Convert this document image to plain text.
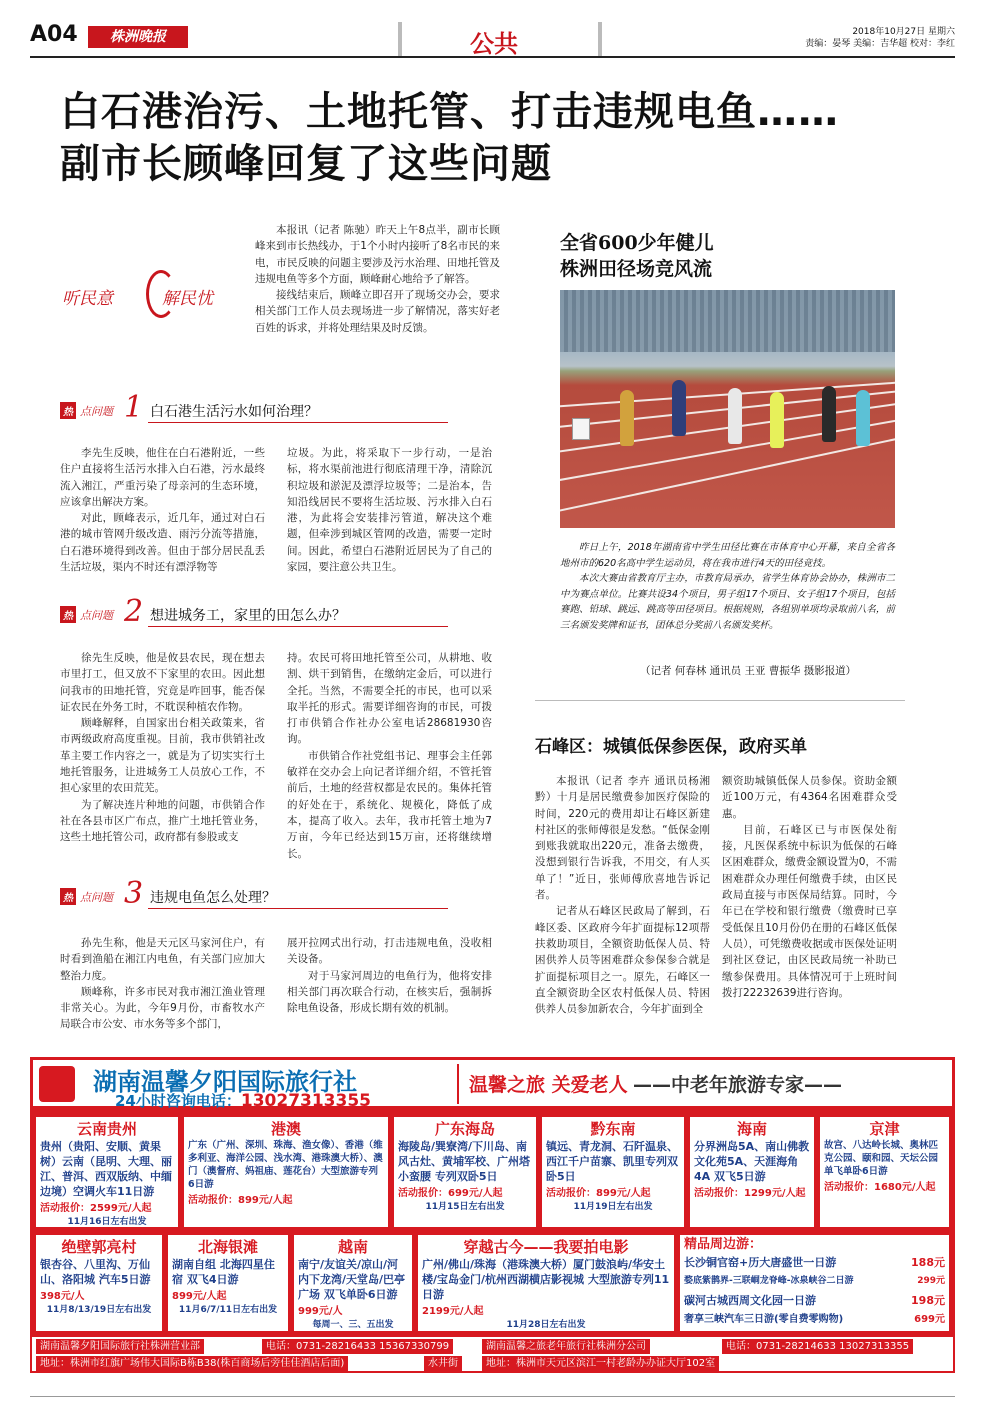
A04	株洲晚报	公共	2018年10月27日 星期六
责编：晏琴 美编：吉华超 校对：李红
白石港治污、土地托管、打击违规电鱼……
副市长顾峰回复了这些问题
听民意	解民忧

本报讯（记者 陈驰）昨天上午8点半，副市长顾峰来到市长热线办，于1个小时内接听了8名市民的来电，市民反映的问题主要涉及污水治理、田地托管及违规电鱼等多个方面，顾峰耐心地给予了解答。

接线结束后，顾峰立即召开了现场交办会，要求相关部门工作人员去现场进一步了解情况，落实好老百姓的诉求，并将处理结果及时反馈。

热 点问题 1 白石港生活污水如何治理？

李先生反映，他住在白石港附近，一些住户直接将生活污水排入白石港，污水最终流入湘江，严重污染了母亲河的生态环境，应该拿出解决方案。

对此，顾峰表示，近几年，通过对白石港的城市管网升级改造、雨污分流等措施，白石港环境得到改善。但由于部分居民乱丢生活垃圾，渠内不时还有漂浮物等

垃圾。为此，将采取下一步行动，一是治标，将水渠前池进行彻底清理干净，清除沉积垃圾和淤泥及漂浮垃圾等；二是治本，告知沿线居民不要将生活垃圾、污水排入白石港，为此将会安装排污管道，解决这个难题，但牵涉到城区管网的改造，需要一定时间。因此，希望白石港附近居民为了自己的家园，要注意公共卫生。

热 点问题 2 想进城务工，家里的田怎么办？

徐先生反映，他是攸县农民，现在想去市里打工，但又放不下家里的农田。因此想问我市的田地托管，究竟是咋回事，能否保证农民在外务工时，不耽误种植农作物。

顾峰解释，自国家出台相关政策来，省市两级政府高度重视。目前，我市供销社改革主要工作内容之一，就是为了切实实行土地托管服务，让进城务工人员放心工作，不担心家里的农田荒芜。

为了解决连片种地的问题，市供销合作社在各县市区广布点，推广土地托管业务，这些土地托管公司，政府都有参股或支

持。农民可将田地托管至公司，从耕地、收割、烘干到销售，在缴纳定金后，可以进行全托。当然，不需要全托的市民，也可以采取半托的形式。需要详细咨询的市民，可拨打市供销合作社办公室电话28681930咨询。

市供销合作社党组书记、理事会主任郭敏祥在交办会上向记者详细介绍，不管托管前后，土地的经营权都是农民的。集体托管的好处在于，系统化、规模化，降低了成本，提高了收入。去年，我市托管土地为7万亩，今年已经达到15万亩，还将继续增长。

热 点问题 3 违规电鱼怎么处理？

孙先生称，他是天元区马家河住户，有时看到渔船在湘江内电鱼，有关部门应加大整治力度。

顾峰称，许多市民对我市湘江渔业管理非常关心。为此，今年9月份，市畜牧水产局联合市公安、市水务等多个部门，

展开拉网式出行动，打击违规电鱼，没收相关设备。

对于马家河周边的电鱼行为，他将安排相关部门再次联合行动，在核实后，强制拆除电鱼设备，形成长期有效的机制。

全省600少年健儿
株洲田径场竞风流

昨日上午，2018年湖南省中学生田径比赛在市体育中心开幕，来自全省各地州市的620名高中学生运动员，将在我市进行4天的田径竞技。

本次大赛由省教育厅主办，市教育局承办，省学生体育协会协办，株洲市二中为赛点单位。比赛共设34个项目，男子组17个项目、女子组17个项目，包括赛跑、铅球、跳远、跳高等田径项目。根据规则，各组别单项均录取前八名，前三名颁发奖牌和证书，团体总分奖前八名颁发奖杯。

（记者 何春林 通讯员 王亚 曹振华 摄影报道）
石峰区：城镇低保参医保，政府买单

本报讯（记者 李卉 通讯员杨湘黔）十月是居民缴费参加医疗保险的时间，220元的费用却让石峰区新建村社区的张师傅很是发愁。“低保金刚到账我就取出220元，准备去缴费，没想到银行告诉我，不用交，有人买单了！”近日，张师傅欣喜地告诉记者。

记者从石峰区民政局了解到，石峰区委、区政府今年扩面提标12项帮扶救助项目，全额资助低保人员、特困供养人员等困难群众参保参合就是扩面提标项目之一。原先，石峰区一直全额资助全区农村低保人员、特困供养人员参加新农合，今年扩面到全

额资助城镇低保人员参保。资助金额近100万元，有4364名困难群众受惠。

目前，石峰区已与市医保处衔接，凡医保系统中标识为低保的石峰区困难群众，缴费金额设置为0，不需困难群众办理任何缴费手续，由区民政局直接与市医保局结算。同时，今年已在学校和银行缴费（缴费时已享受低保且10月份仍在册的石峰区低保人员），可凭缴费收据或市医保处证明到社区登记，由区民政局统一补助已缴参保费用。具体情况可于上班时间拨打22232639进行咨询。

湖南温馨夕阳国际旅行社
24小时咨询电话：13027313355
温馨之旅 关爱老人 ——中老年旅游专家——
云南贵州
贵州（贵阳、安顺、黄果树）云南（昆明、大理、丽江、普洱、西双版纳、中缅边境）空调火车11日游
活动报价：2599元/人起
11月16日左右出发
港澳
广东（广州、深圳、珠海、渔女像）、香港（维多利亚、海洋公园、浅水湾、港珠澳大桥）、澳门（澳督府、妈祖庙、莲花台）大型旅游专列6日游
活动报价：899元/人起
广东海岛
海陵岛/巽寮湾/下川岛、南风古灶、黄埔军校、广州塔小蛮腰 专列双卧5日
活动报价：699元/人起
11月15日左右出发
黔东南
镇远、青龙洞、石阡温泉、西江千户苗寨、凯里专列双卧5日
活动报价：899元/人起
11月19日左右出发
海南
分界洲岛5A、南山佛教文化苑5A、天涯海角4A 双飞5日游
活动报价：1299元/人起
京津
故宫、八达岭长城、奥林匹克公园、颐和园、天坛公园 单飞单卧6日游
活动报价：1680元/人起
绝壁郭亮村
银杏谷、八里沟、万仙山、洛阳城 汽车5日游
398元/人
11月8/13/19日左右出发
北海银滩
湖南自组 北海四星住宿 双飞4日游
899元/人起
11月6/7/11日左右出发
越南
南宁/友谊关/凉山/河内下龙湾/天堂岛/巴亭广场 双飞单卧6日游
999元/人
每周一、三、五出发
穿越古今——我要拍电影
广州/佛山/珠海（港珠澳大桥）厦门鼓浪屿/华安土楼/宝岛金门/杭州西湖横店影视城 大型旅游专列11日游
2199元/人起
11月28日左右出发
精品周边游：
长沙铜官窑+历大唐盛世一日游	188元
婺底紫鹊界-三联峒龙脊峰-冰泉峡谷二日游	299元
碳河古城西周文化园一日游	198元
奢享三峡汽车三日游(零自费零购物)	699元
湖南温馨夕阳国际旅行社株洲营业部	电话：0731-28216433 15367330799	湖南温馨之旅老年旅行社株洲分公司	电话：0731-28214633 13027313355
地址：株洲市红旗广场伟大国际B栋B38(株百商场后旁佳佳酒店后面)	水井街	地址：株洲市天元区滨江一村老龄办办证大厅102室
